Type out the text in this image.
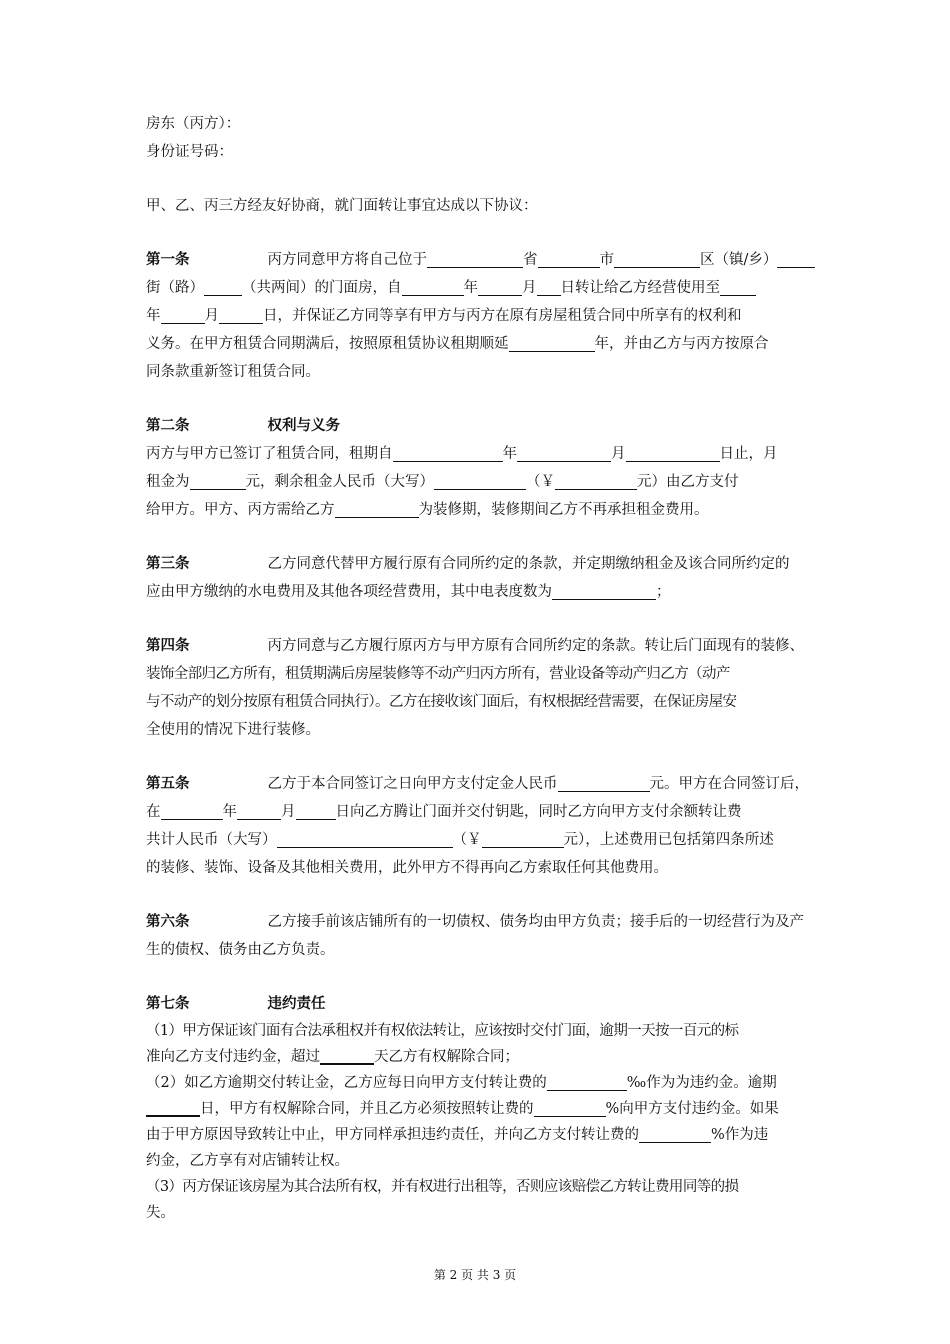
房东（丙方）：
身份证号码：
甲、乙、丙三方经友好协商，就门面转让事宜达成以下协议：
第一条	丙方同意甲方将自己位于	省	市	区（镇/乡）
街（路）	（共两间）的门面房，自	年	月 日转让给乙方经营使用至
年	月	日，并保证乙方同等享有甲方与丙方在原有房屋租赁合同中所享有的权利和
义务。在甲方租赁合同期满后，按照原租赁协议租期顺延	年，并由乙方与丙方按原合
同条款重新签订租赁合同。
第二条	权利与义务
丙方与甲方已签订了租赁合同，租期自	年	月	日止，月
租金为	元，剩余租金人民币（大写）	（￥	元）由乙方支付
给甲方。甲方、丙方需给乙方	为装修期，装修期间乙方不再承担租金费用。
第三条	乙方同意代替甲方履行原有合同所约定的条款，并定期缴纳租金及该合同所约定的
应由甲方缴纳的水电费用及其他各项经营费用，其中电表度数为	；
第四条	丙方同意与乙方履行原丙方与甲方原有合同所约定的条款。转让后门面现有的装修、
装饰全部归乙方所有，租赁期满后房屋装修等不动产归丙方所有，营业设备等动产归乙方（动产
与不动产的划分按原有租赁合同执行）。乙方在接收该门面后，有权根据经营需要，在保证房屋安
全使用的情况下进行装修。
第五条	乙方于本合同签订之日向甲方支付定金人民币	元。甲方在合同签订后，
在	年	月	日向乙方腾让门面并交付钥匙，同时乙方向甲方支付余额转让费
共计人民币（大写）	（￥	元），上述费用已包括第四条所述
的装修、装饰、设备及其他相关费用，此外甲方不得再向乙方索取任何其他费用。
第六条	乙方接手前该店铺所有的一切债权、债务均由甲方负责；接手后的一切经营行为及产
生的债权、债务由乙方负责。
第七条	违约责任
（1）甲方保证该门面有合法承租权并有权依法转让，应该按时交付门面，逾期一天按一百元的标
准向乙方支付违约金，超过	天乙方有权解除合同；
（2）如乙方逾期交付转让金，乙方应每日向甲方支付转让费的	‰作为为违约金。逾期
日，甲方有权解除合同，并且乙方必须按照转让费的	%向甲方支付违约金。如果
由于甲方原因导致转让中止，甲方同样承担违约责任，并向乙方支付转让费的	%作为违
约金，乙方享有对店铺转让权。
（3）丙方保证该房屋为其合法所有权，并有权进行出租等，否则应该赔偿乙方转让费用同等的损
失。
第 2 页 共 3 页
